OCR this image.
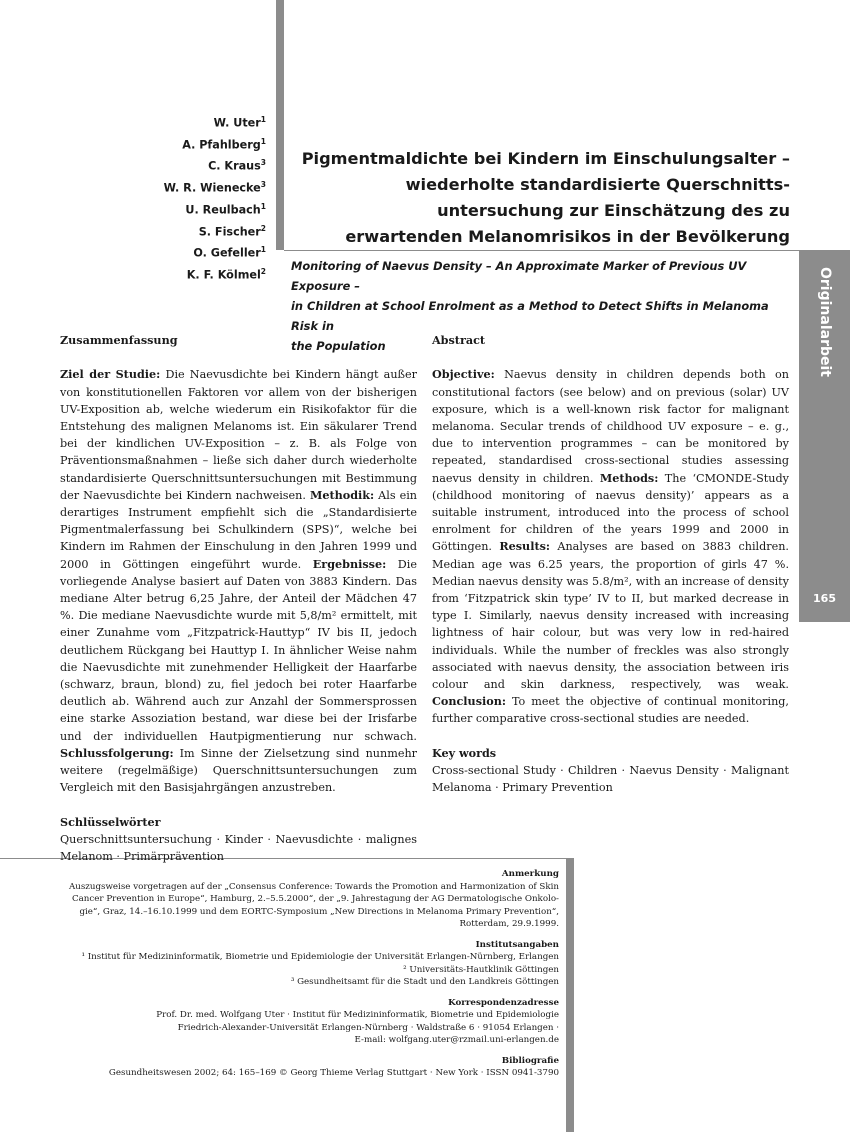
Originalarbeit
165
W. Uter$^1$
A. Pfahlberg$^1$
C. Kraus$^3$
W. R. Wienecke$^3$
U. Reulbach$^1$
S. Fischer$^2$
O. Gefeller$^1$
K. F. Kölmel$^2$
Pigmentmaldichte bei Kindern im Einschulungsalter –
wiederholte standardisierte Querschnitts-
untersuchung zur Einschätzung des zu
erwartenden Melanomrisikos in der Bevölkerung
Monitoring of Naevus Density – An Approximate Marker of Previous UV Exposure –
in Children at School Enrolment as a Method to Detect Shifts in Melanoma Risk in
the Population
Zusammenfassung

Ziel der Studie: Die Naevusdichte bei Kindern hängt außer von konstitutionellen Faktoren vor allem von der bisherigen UV-Exposition ab, welche wiederum ein Risikofaktor für die Entstehung des malignen Melanoms ist. Ein säkularer Trend bei der kindlichen UV-Exposition – z. B. als Folge von Präventionsmaßnahmen – ließe sich daher durch wiederholte standardisierte Querschnittsuntersuchungen mit Bestimmung der Naevusdichte bei Kindern nachweisen. Methodik: Als ein derartiges Instrument empfiehlt sich die „Standardisierte Pigmentmalerfassung bei Schulkindern (SPS)“, welche bei Kindern im Rahmen der Einschulung in den Jahren 1999 und 2000 in Göttingen eingeführt wurde. Ergebnisse: Die vorliegende Analyse basiert auf Daten von 3883 Kindern. Das mediane Alter betrug 6,25 Jahre, der Anteil der Mädchen 47 %. Die mediane Naevusdichte wurde mit 5,8/m² ermittelt, mit einer Zunahme vom „Fitzpatrick-Hauttyp“ IV bis II, jedoch deutlichem Rückgang bei Hauttyp I. In ähnlicher Weise nahm die Naevusdichte mit zunehmender Helligkeit der Haarfarbe (schwarz, braun, blond) zu, fiel jedoch bei roter Haarfarbe deutlich ab. Während auch zur Anzahl der Sommersprossen eine starke Assoziation bestand, war diese bei der Irisfarbe und der individuellen Hautpigmentierung nur schwach. Schlussfolgerung: Im Sinne der Zielsetzung sind nunmehr weitere (regelmäßige) Querschnittsuntersuchungen zum Vergleich mit den Basisjahrgängen anzustreben.

Schlüsselwörter

Querschnittsuntersuchung · Kinder · Naevusdichte · malignes Melanom · Primärprävention

Abstract

Objective: Naevus density in children depends both on constitutional factors (see below) and on previous (solar) UV exposure, which is a well-known risk factor for malignant melanoma. Secular trends of childhood UV exposure – e. g., due to intervention programmes – can be monitored by repeated, standardised cross-sectional studies assessing naevus density in children. Methods: The ‘CMONDE-Study (childhood monitoring of naevus density)’ appears as a suitable instrument, introduced into the process of school enrolment for children of the years 1999 and 2000 in Göttingen. Results: Analyses are based on 3883 children. Median age was 6.25 years, the proportion of girls 47 %. Median naevus density was 5.8/m², with an increase of density from ‘Fitzpatrick skin type’ IV to II, but marked decrease in type I. Similarly, naevus density increased with increasing lightness of hair colour, but was very low in red-haired individuals. While the number of freckles was also strongly associated with naevus density, the association between iris colour and skin darkness, respectively, was weak. Conclusion: To meet the objective of continual monitoring, further comparative cross-sectional studies are needed.

Key words

Cross-sectional Study · Children · Naevus Density · Malignant Melanoma · Primary Prevention

Anmerkung
Auszugsweise vorgetragen auf der „Consensus Conference: Towards the Promotion and Harmonization of Skin
Cancer Prevention in Europe“, Hamburg, 2.–5.5.2000“, der „9. Jahrestagung der AG Dermatologische Onkolo-
gie“, Graz, 14.–16.10.1999 und dem EORTC-Symposium „New Directions in Melanoma Primary Prevention“,
Rotterdam, 29.9.1999.
Institutsangaben
¹ Institut für Medizininformatik, Biometrie und Epidemiologie der Universität Erlangen-Nürnberg, Erlangen
² Universitäts-Hautklinik Göttingen
³ Gesundheitsamt für die Stadt und den Landkreis Göttingen
Korrespondenzadresse
Prof. Dr. med. Wolfgang Uter · Institut für Medizininformatik, Biometrie und Epidemiologie
Friedrich-Alexander-Universität Erlangen-Nürnberg · Waldstraße 6 · 91054 Erlangen ·
E-mail: wolfgang.uter@rzmail.uni-erlangen.de
Bibliografie
Gesundheitswesen 2002; 64: 165–169 © Georg Thieme Verlag Stuttgart · New York · ISSN 0941-3790
